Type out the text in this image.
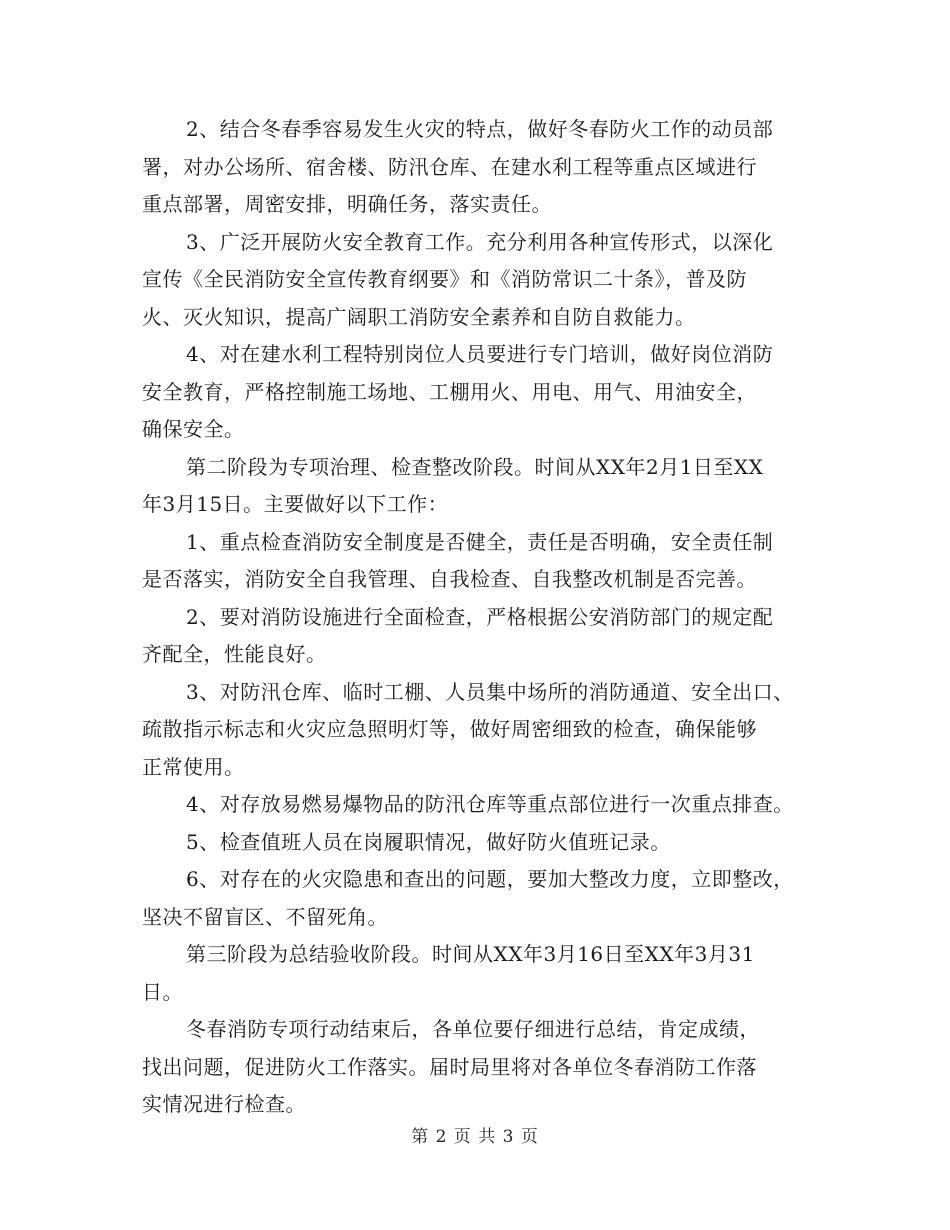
2、结合冬春季容易发生火灾的特点，做好冬春防火工作的动员部
署，对办公场所、宿舍楼、防汛仓库、在建水利工程等重点区域进行
重点部署，周密安排，明确任务，落实责任。
3、广泛开展防火安全教育工作。充分利用各种宣传形式，以深化
宣传《全民消防安全宣传教育纲要》和《消防常识二十条》，普及防
火、灭火知识，提高广阔职工消防安全素养和自防自救能力。
4、对在建水利工程特别岗位人员要进行专门培训，做好岗位消防
安全教育，严格控制施工场地、工棚用火、用电、用气、用油安全，
确保安全。
第二阶段为专项治理、检查整改阶段。时间从XX年2月1日至XX
年3月15日。主要做好以下工作：
1、重点检查消防安全制度是否健全，责任是否明确，安全责任制
是否落实，消防安全自我管理、自我检查、自我整改机制是否完善。
2、要对消防设施进行全面检查，严格根据公安消防部门的规定配
齐配全，性能良好。
3、对防汛仓库、临时工棚、人员集中场所的消防通道、安全出口、
疏散指示标志和火灾应急照明灯等，做好周密细致的检查，确保能够
正常使用。
4、对存放易燃易爆物品的防汛仓库等重点部位进行一次重点排查。
5、检查值班人员在岗履职情况，做好防火值班记录。
6、对存在的火灾隐患和查出的问题，要加大整改力度，立即整改，
坚决不留盲区、不留死角。
第三阶段为总结验收阶段。时间从XX年3月16日至XX年3月31
日。
冬春消防专项行动结束后，各单位要仔细进行总结，肯定成绩，
找出问题，促进防火工作落实。届时局里将对各单位冬春消防工作落
实情况进行检查。
第 2 页 共 3 页
